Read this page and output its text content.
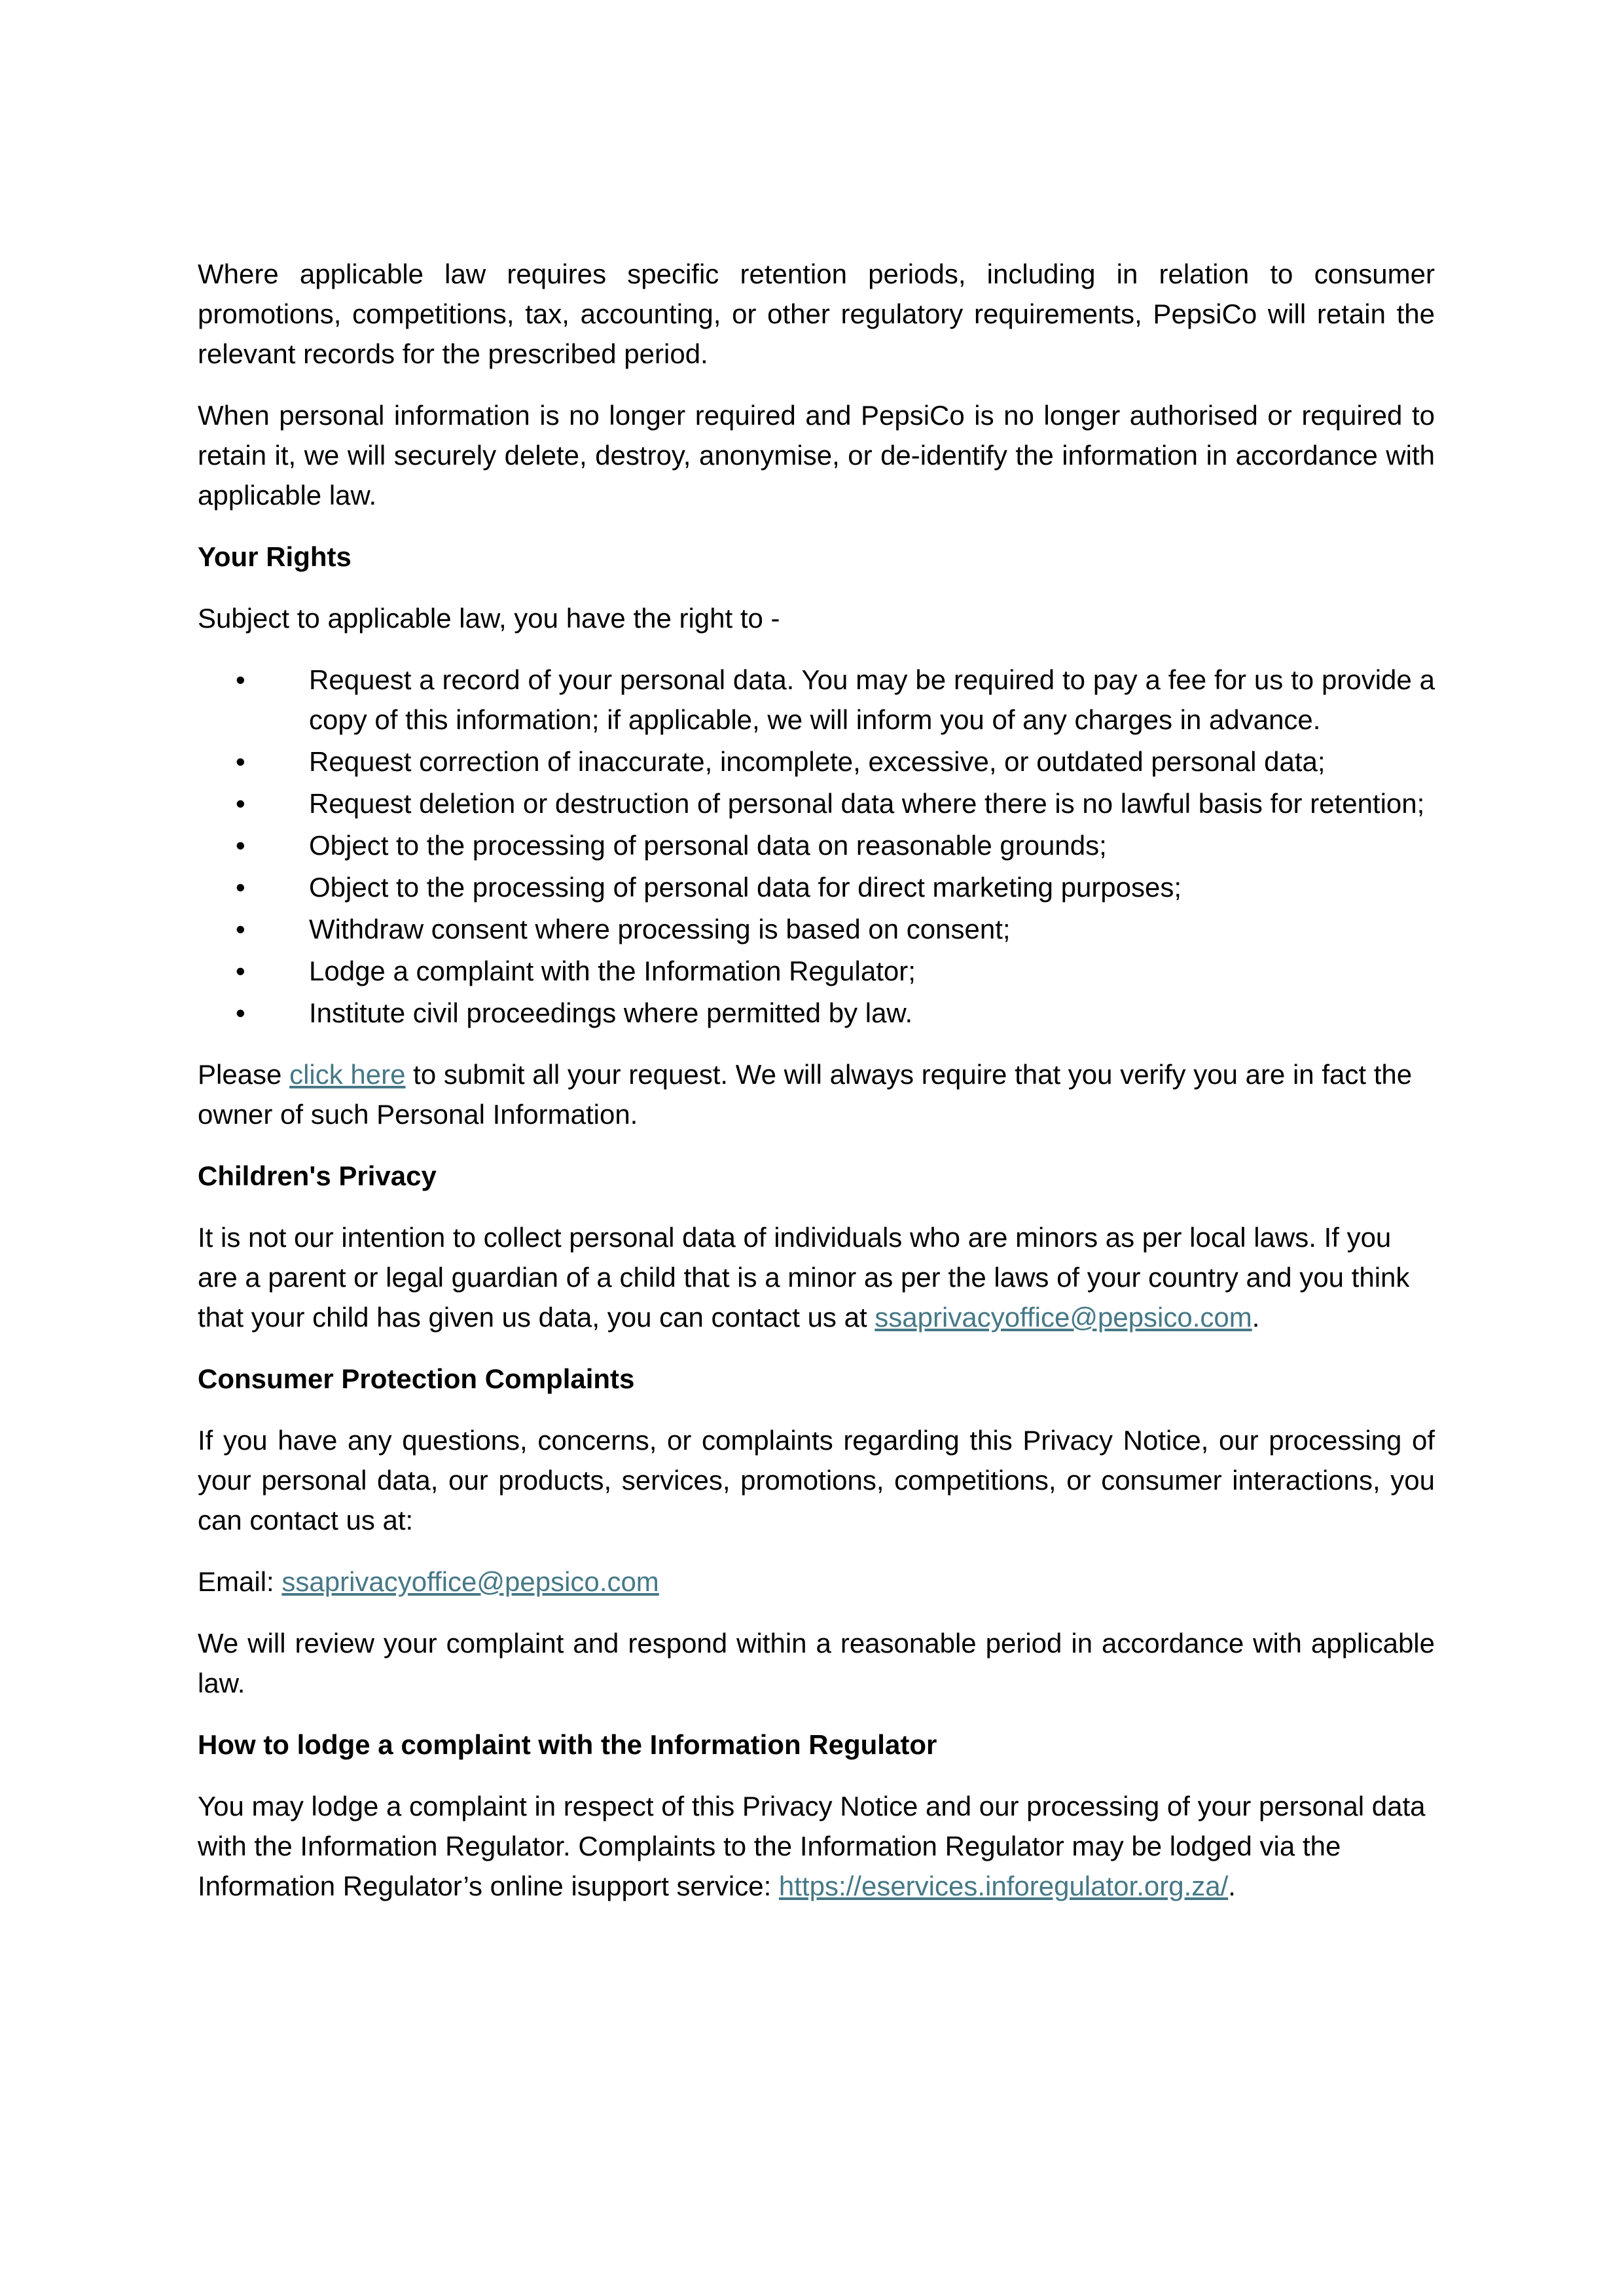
Where applicable law requires specific retention periods, including in relation to consumer promotions, competitions, tax, accounting, or other regulatory requirements, PepsiCo will retain the relevant records for the prescribed period.

When personal information is no longer required and PepsiCo is no longer authorised or required to retain it, we will securely delete, destroy, anonymise, or de-identify the information in accordance with applicable law.

Your Rights

Subject to applicable law, you have the right to -

• Request a record of your personal data. You may be required to pay a fee for us to provide a copy of this information; if applicable, we will inform you of any charges in advance.
• Request correction of inaccurate, incomplete, excessive, or outdated personal data;
• Request deletion or destruction of personal data where there is no lawful basis for retention;
• Object to the processing of personal data on reasonable grounds;
• Object to the processing of personal data for direct marketing purposes;
• Withdraw consent where processing is based on consent;
• Lodge a complaint with the Information Regulator;
• Institute civil proceedings where permitted by law.

Please click here to submit all your request. We will always require that you verify you are in fact the owner of such Personal Information.

Children's Privacy

It is not our intention to collect personal data of individuals who are minors as per local laws. If you are a parent or legal guardian of a child that is a minor as per the laws of your country and you think that your child has given us data, you can contact us at ssaprivacyoffice@pepsico.com.

Consumer Protection Complaints

If you have any questions, concerns, or complaints regarding this Privacy Notice, our processing of your personal data, our products, services, promotions, competitions, or consumer interactions, you can contact us at:

Email: ssaprivacyoffice@pepsico.com

We will review your complaint and respond within a reasonable period in accordance with applicable law.

How to lodge a complaint with the Information Regulator

You may lodge a complaint in respect of this Privacy Notice and our processing of your personal data with the Information Regulator. Complaints to the Information Regulator may be lodged via the Information Regulator’s online isupport service: https://eservices.inforegulator.org.za/.
